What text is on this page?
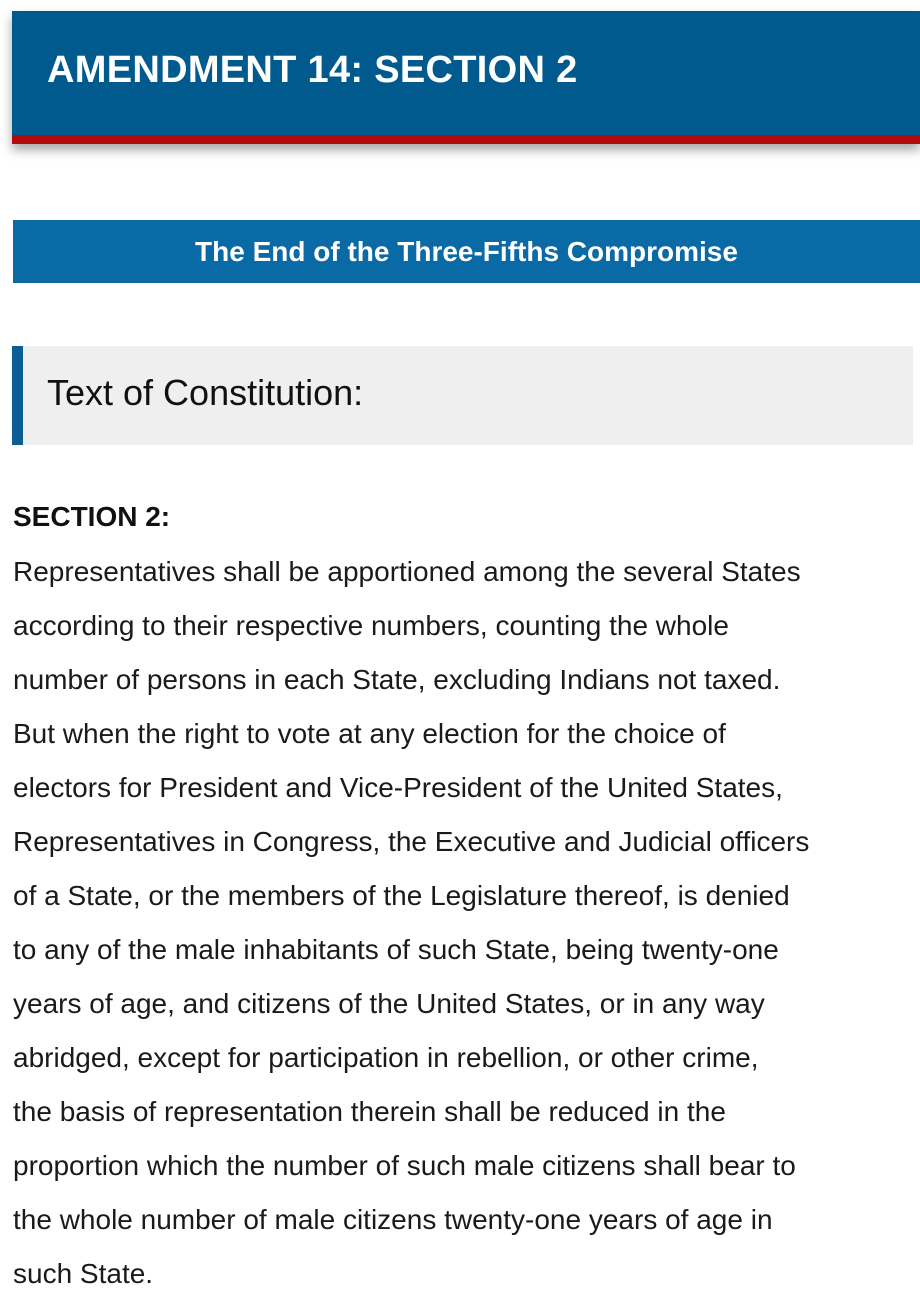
AMENDMENT 14: SECTION 2
The End of the Three-Fifths Compromise
Text of Constitution:
SECTION 2:
Representatives shall be apportioned among the several States
according to their respective numbers, counting the whole
number of persons in each State, excluding Indians not taxed.
But when the right to vote at any election for the choice of
electors for President and Vice-President of the United States,
Representatives in Congress, the Executive and Judicial officers
of a State, or the members of the Legislature thereof, is denied
to any of the male inhabitants of such State, being twenty-one
years of age, and citizens of the United States, or in any way
abridged, except for participation in rebellion, or other crime,
the basis of representation therein shall be reduced in the
proportion which the number of such male citizens shall bear to
the whole number of male citizens twenty-one years of age in
such State.
